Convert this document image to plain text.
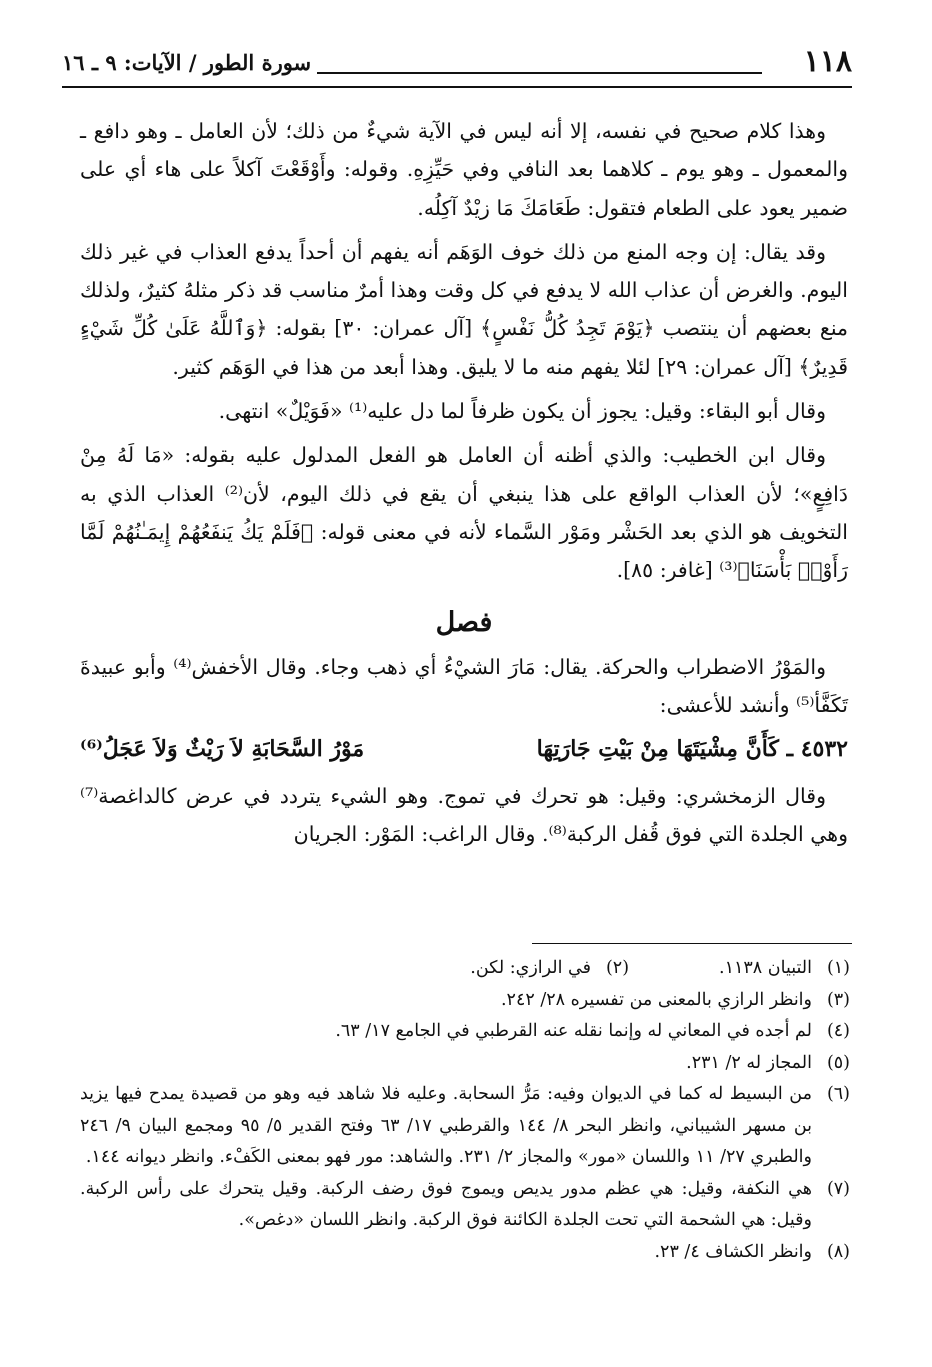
١١٨
سورة الطور / الآيات: ٩ ـ ١٦

وهذا كلام صحيح في نفسه، إلا أنه ليس في الآية شيءٌ من ذلك؛ لأن العامل ـ وهو دافع ـ والمعمول ـ وهو يوم ـ كلاهما بعد النافي وفي حَيِّزِهِ. وقوله: وأَوْقَعْتَ آكلاً على هاء أي على ضمير يعود على الطعام فتقول: طَعَامَكَ مَا زيْدٌ آكِلُه.

وقد يقال: إن وجه المنع من ذلك خوف الوَهَم أنه يفهم أن أحداً يدفع العذاب في غير ذلك اليوم. والغرض أن عذاب الله لا يدفع في كل وقت وهذا أمرٌ مناسب قد ذكر مثلهُ كثيرٌ، ولذلك منع بعضهم أن ينتصب ﴿يَوْمَ تَجِدُ كُلُّ نَفْسٍ﴾ [آل عمران: ٣٠] بقوله: ﴿وَٱللَّهُ عَلَىٰ كُلِّ شَيْءٍ قَدِيرٌ﴾ [آل عمران: ٢٩] لئلا يفهم منه ما لا يليق. وهذا أبعد من هذا في الوَهَم كثير.

وقال أبو البقاء: وقيل: يجوز أن يكون ظرفاً لما دل عليه⁽¹⁾ «فَوَيْلٌ» انتهى.

وقال ابن الخطيب: والذي أظنه أن العامل هو الفعل المدلول عليه بقوله: «مَا لَهُ مِنْ دَافِعٍ»؛ لأن العذاب الواقع على هذا ينبغي أن يقع في ذلك اليوم، لأن⁽²⁾ العذاب الذي به التخويف هو الذي بعد الحَشْر ومَوْر السَّماء لأنه في معنى قوله: ﴿فَلَمْ يَكُ يَنفَعُهُمْ إِيمَـٰنُهُمْ لَمَّا رَأَوْا۟ بَأْسَنَا﴾⁽³⁾ [غافر: ٨٥].

فصل

والمَوْرُ الاضطراب والحركة. يقال: مَارَ الشيْءُ أي ذهب وجاء. وقال الأخفش⁽⁴⁾ وأبو عبيدةَ تَكَفَّأ⁽⁵⁾ وأنشد للأعشى:

٤٥٣٢ ـ كَأَنَّ مِشْيَتَهَا مِنْ بَيْتِ جَارَتِهَا
مَوْرُ السَّحَابَةِ لاَ رَيْثٌ وَلاَ عَجَلُ⁽⁶⁾

وقال الزمخشري: وقيل: هو تحرك في تموج. وهو الشيء يتردد في عرض كالداغصة⁽⁷⁾ وهي الجلدة التي فوق قُفل الركبة⁽⁸⁾. وقال الراغب: المَوْر: الجريان

(١)
التبيان ١١٣٨.
(٢)
في الرازي: لكن.
(٣)
وانظر الرازي بالمعنى من تفسيره ٢٨/ ٢٤٢.
(٤)
لم أجده في المعاني له وإنما نقله عنه القرطبي في الجامع ١٧/ ٦٣.
(٥)
المجاز له ٢/ ٢٣١.
(٦)
من البسيط له كما في الديوان وفيه: مَرُّ السحابة. وعليه فلا شاهد فيه وهو من قصيدة يمدح فيها يزيد بن مسهر الشيباني، وانظر البحر ٨/ ١٤٤ والقرطبي ١٧/ ٦٣ وفتح القدير ٥/ ٩٥ ومجمع البيان ٩/ ٢٤٦ والطبري ٢٧/ ١١ واللسان «مور» والمجاز ٢/ ٢٣١. والشاهد: مور فهو بمعنى الكَفْء. وانظر ديوانه ١٤٤.
(٧)
هي النكفة، وقيل: هي عظم مدور يديص ويموج فوق رضف الركبة. وقيل يتحرك على رأس الركبة. وقيل: هي الشحمة التي تحت الجلدة الكائنة فوق الركبة. وانظر اللسان «دغص».
(٨)
وانظر الكشاف ٤/ ٢٣.
